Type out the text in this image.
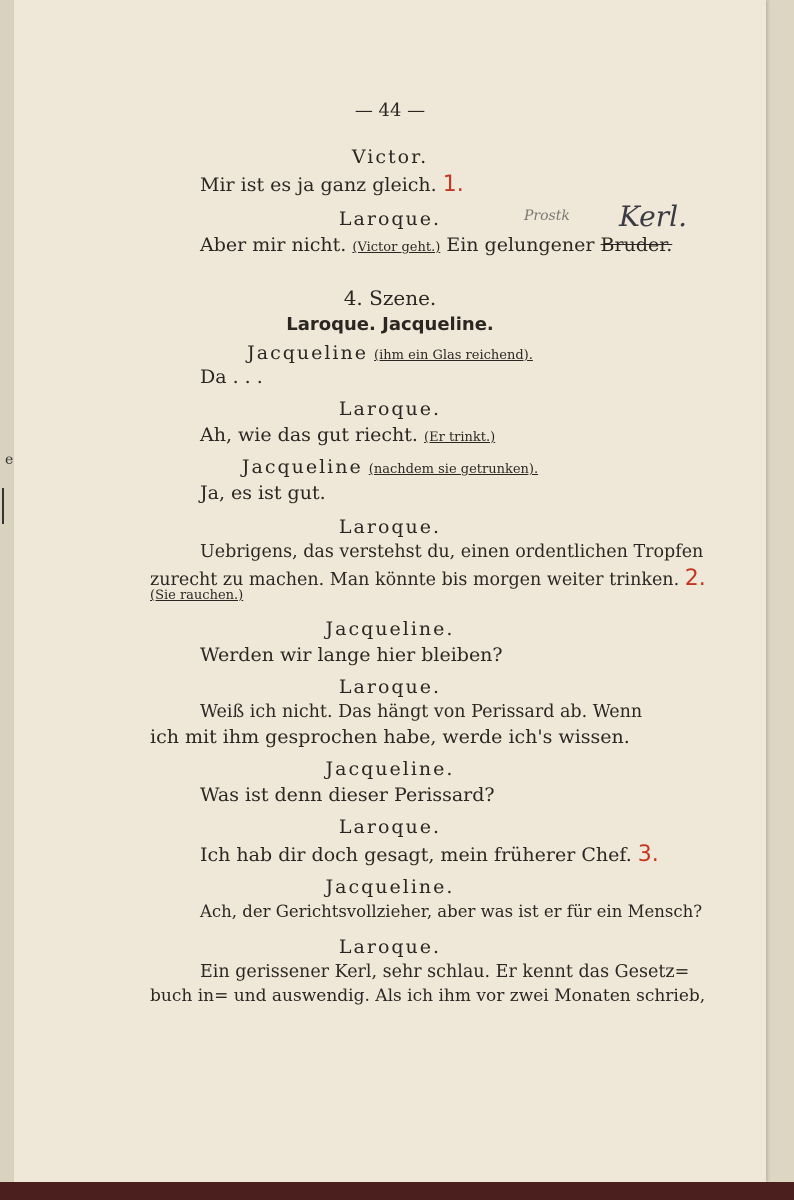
e
— 44 —
Victor.
Mir ist es ja ganz gleich. 1.
Laroque.	Prostk Kerl.
Aber mir nicht. (Victor geht.) Ein gelungener Bruder.
4. Szene.
Laroque. Jacqueline.
Jacqueline (ihm ein Glas reichend).
Da . . .
Laroque.
Ah, wie das gut riecht. (Er trinkt.)
Jacqueline (nachdem sie getrunken).
Ja, es ist gut.
Laroque.
Uebrigens, das verstehst du, einen ordentlichen Tropfen
zurecht zu machen. Man könnte bis morgen weiter trinken. 2.
(Sie rauchen.)
Jacqueline.
Werden wir lange hier bleiben?
Laroque.
Weiß ich nicht. Das hängt von Perissard ab. Wenn
ich mit ihm gesprochen habe, werde ich's wissen.
Jacqueline.
Was ist denn dieser Perissard?
Laroque.
Ich hab dir doch gesagt, mein früherer Chef. 3.
Jacqueline.
Ach, der Gerichtsvollzieher, aber was ist er für ein Mensch?
Laroque.
Ein gerissener Kerl, sehr schlau. Er kennt das Gesetz=
buch in= und auswendig. Als ich ihm vor zwei Monaten schrieb,
